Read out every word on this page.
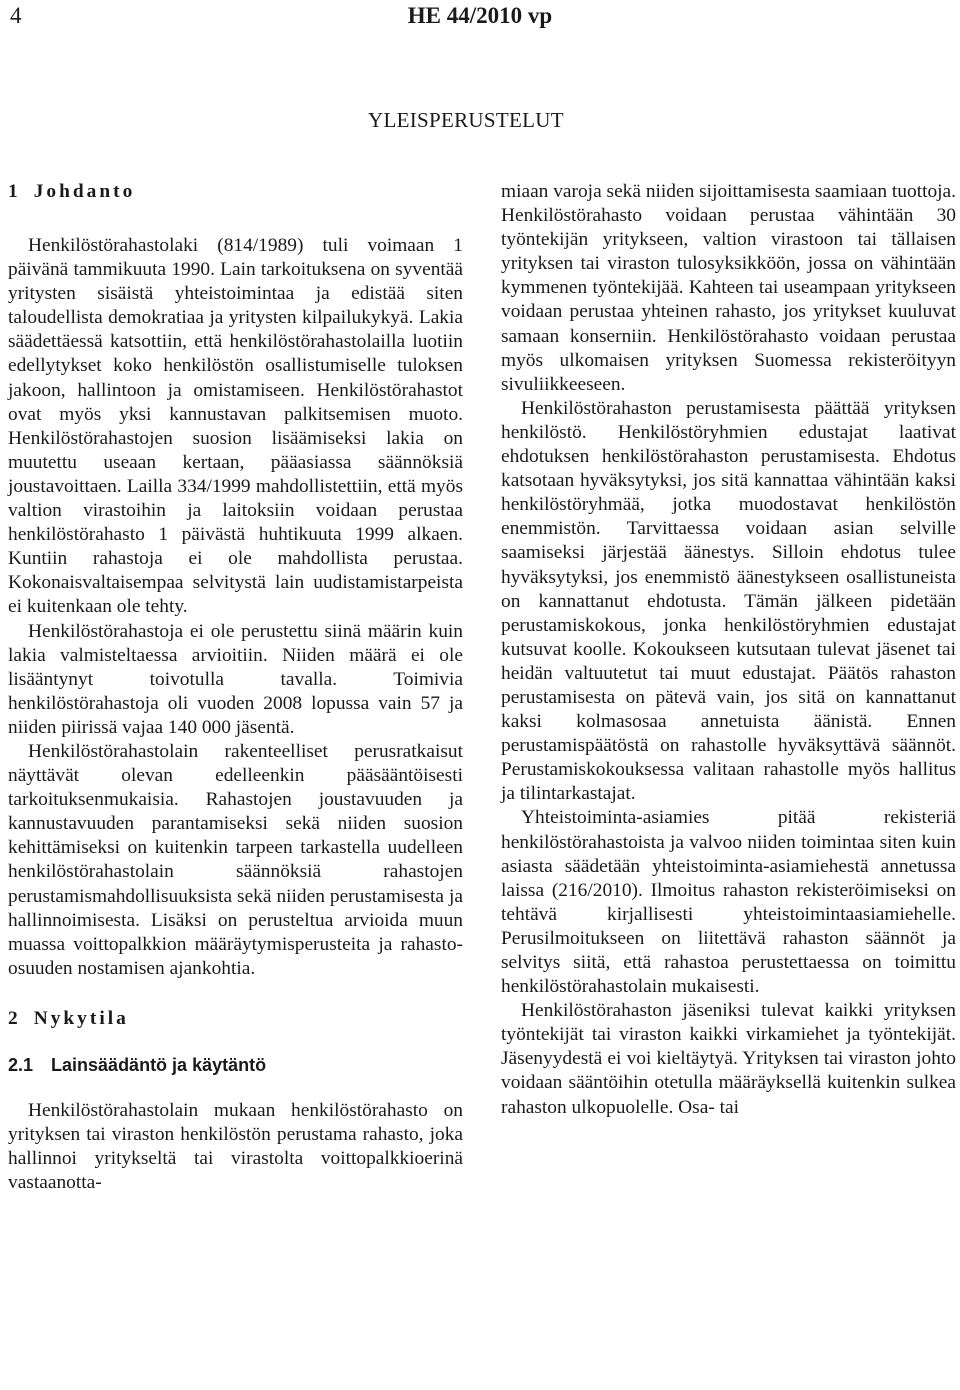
4	HE 44/2010 vp
YLEISPERUSTELUT
1 Johdanto

Henkilöstörahastolaki (814/1989) tuli voimaan 1 päivänä tammikuuta 1990. Lain tarkoituksena on syventää yritysten sisäistä yhteistoimintaa ja edistää siten taloudellista demokratiaa ja yritysten kilpailukykyä. Lakia säädettäessä katsottiin, että henkilöstörahastolailla luotiin edellytykset koko henkilöstön osallistumiselle tuloksen jakoon, hallintoon ja omistamiseen. Henkilöstörahastot ovat myös yksi kannustavan palkitsemisen muoto. Henkilöstörahastojen suosion lisäämiseksi lakia on muutettu useaan kertaan, pääasiassa säännöksiä joustavoittaen. Lailla 334/1999 mahdollistettiin, että myös valtion virastoihin ja laitoksiin voidaan perustaa henkilöstörahasto 1 päivästä huhtikuuta 1999 alkaen. Kuntiin rahastoja ei ole mahdollista perustaa. Kokonaisvaltaisempaa selvitystä lain uudistamistarpeista ei kuitenkaan ole tehty.

Henkilöstörahastoja ei ole perustettu siinä määrin kuin lakia valmisteltaessa arvioitiin. Niiden määrä ei ole lisääntynyt toivotulla tavalla. Toimivia henkilöstörahastoja oli vuoden 2008 lopussa vain 57 ja niiden piirissä vajaa 140 000 jäsentä.

Henkilöstörahastolain rakenteelliset perusratkaisut näyttävät olevan edelleenkin pääsääntöisesti tarkoituksenmukaisia. Rahastojen joustavuuden ja kannustavuuden parantamiseksi sekä niiden suosion kehittämiseksi on kuitenkin tarpeen tarkastella uudelleen henkilöstörahastolain säännöksiä rahastojen perustamismahdollisuuksista sekä niiden perustamisesta ja hallinnoimisesta. Lisäksi on perusteltua arvioida muun muassa voittopalkkion määräytymisperusteita ja rahasto-osuuden nostamisen ajankohtia.

2 Nykytila
2.1 Lainsäädäntö ja käytäntö

Henkilöstörahastolain mukaan henkilöstörahasto on yrityksen tai viraston henkilöstön perustama rahasto, joka hallinnoi yritykseltä tai virastolta voittopalkkioerinä vastaanotta-

miaan varoja sekä niiden sijoittamisesta saamiaan tuottoja. Henkilöstörahasto voidaan perustaa vähintään 30 työntekijän yritykseen, valtion virastoon tai tällaisen yrityksen tai viraston tulosyksikköön, jossa on vähintään kymmenen työntekijää. Kahteen tai useampaan yritykseen voidaan perustaa yhteinen rahasto, jos yritykset kuuluvat samaan konserniin. Henkilöstörahasto voidaan perustaa myös ulkomaisen yrityksen Suomessa rekisteröityyn sivuliikkeeseen.

Henkilöstörahaston perustamisesta päättää yrityksen henkilöstö. Henkilöstöryhmien edustajat laativat ehdotuksen henkilöstörahaston perustamisesta. Ehdotus katsotaan hyväksytyksi, jos sitä kannattaa vähintään kaksi henkilöstöryhmää, jotka muodostavat henkilöstön enemmistön. Tarvittaessa voidaan asian selville saamiseksi järjestää äänestys. Silloin ehdotus tulee hyväksytyksi, jos enemmistö äänestykseen osallistuneista on kannattanut ehdotusta. Tämän jälkeen pidetään perustamiskokous, jonka henkilöstöryhmien edustajat kutsuvat koolle. Kokoukseen kutsutaan tulevat jäsenet tai heidän valtuutetut tai muut edustajat. Päätös rahaston perustamisesta on pätevä vain, jos sitä on kannattanut kaksi kolmasosaa annetuista äänistä. Ennen perustamispäätöstä on rahastolle hyväksyttävä säännöt. Perustamiskokouksessa valitaan rahastolle myös hallitus ja tilintarkastajat.

Yhteistoiminta-asiamies pitää rekisteriä henkilöstörahastoista ja valvoo niiden toimintaa siten kuin asiasta säädetään yhteistoiminta-asiamiehestä annetussa laissa (216/2010). Ilmoitus rahaston rekisteröimiseksi on tehtävä kirjallisesti yhteistoimintaasiamiehelle. Perusilmoitukseen on liitettävä rahaston säännöt ja selvitys siitä, että rahastoa perustettaessa on toimittu henkilöstörahastolain mukaisesti.

Henkilöstörahaston jäseniksi tulevat kaikki yrityksen työntekijät tai viraston kaikki virkamiehet ja työntekijät. Jäsenyydestä ei voi kieltäytyä. Yrityksen tai viraston johto voidaan sääntöihin otetulla määräyksellä kuitenkin sulkea rahaston ulkopuolelle. Osa- tai
